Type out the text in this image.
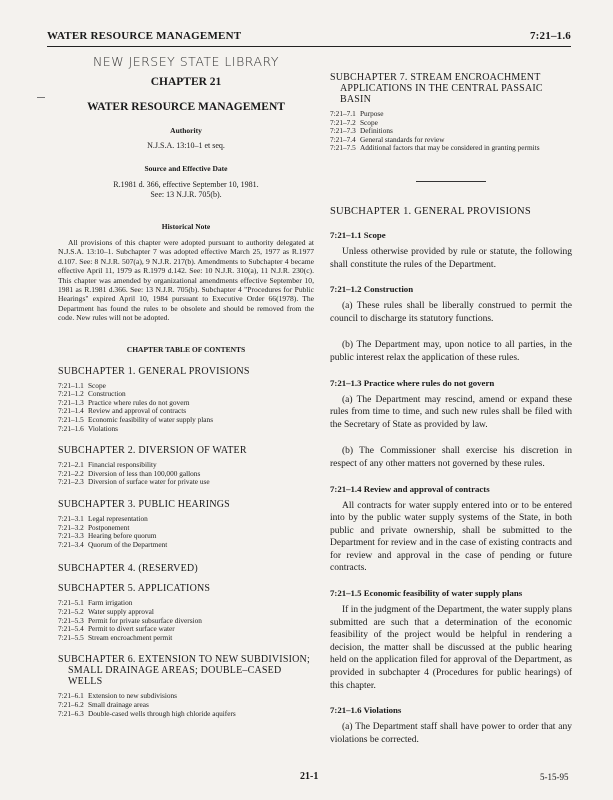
WATER RESOURCE MANAGEMENT	7:21–1.6
NEW JERSEY STATE LIBRARY
CHAPTER 21
WATER RESOURCE MANAGEMENT
Authority
N.J.S.A. 13:10–1 et seq.
Source and Effective Date
R.1981 d. 366, effective September 10, 1981.
See: 13 N.J.R. 705(b).
Historical Note
All provisions of this chapter were adopted pursuant to authority delegated at N.J.S.A. 13:10–1. Subchapter 7 was adopted effective March 25, 1977 as R.1977 d.107. See: 8 N.J.R. 507(a), 9 N.J.R. 217(b). Amendments to Subchapter 4 became effective April 11, 1979 as R.1979 d.142. See: 10 N.J.R. 310(a), 11 N.J.R. 230(c). This chapter was amended by organizational amendments effective September 10, 1981 as R.1981 d.366. See: 13 N.J.R. 705(b). Subchapter 4 "Procedures for Public Hearings" expired April 10, 1984 pursuant to Executive Order 66(1978). The Department has found the rules to be obsolete and should be removed from the code. New rules will not be adopted.
CHAPTER TABLE OF CONTENTS
SUBCHAPTER 1. GENERAL PROVISIONS
7:21–1.1 Scope
7:21–1.2 Construction
7:21–1.3 Practice where rules do not govern
7:21–1.4 Review and approval of contracts
7:21–1.5 Economic feasibility of water supply plans
7:21–1.6 Violations
SUBCHAPTER 2. DIVERSION OF WATER
7:21–2.1 Financial responsibility
7:21–2.2 Diversion of less than 100,000 gallons
7:21–2.3 Diversion of surface water for private use
SUBCHAPTER 3. PUBLIC HEARINGS
7:21–3.1 Legal representation
7:21–3.2 Postponement
7:21–3.3 Hearing before quorum
7:21–3.4 Quorum of the Department
SUBCHAPTER 4. (RESERVED)
SUBCHAPTER 5. APPLICATIONS
7:21–5.1 Farm irrigation
7:21–5.2 Water supply approval
7:21–5.3 Permit for private subsurface diversion
7:21–5.4 Permit to divert surface water
7:21–5.5 Stream encroachment permit
SUBCHAPTER 6. EXTENSION TO NEW SUBDIVISION; SMALL DRAINAGE AREAS; DOUBLE–CASED WELLS
7:21–6.1 Extension to new subdivisions
7:21–6.2 Small drainage areas
7:21–6.3 Double-cased wells through high chloride aquifers
SUBCHAPTER 7. STREAM ENCROACHMENT APPLICATIONS IN THE CENTRAL PASSAIC BASIN
7:21–7.1 Purpose
7:21–7.2 Scope
7:21–7.3 Definitions
7:21–7.4 General standards for review
7:21–7.5 Additional factors that may be considered in granting permits
SUBCHAPTER 1. GENERAL PROVISIONS
7:21–1.1 Scope
Unless otherwise provided by rule or statute, the following shall constitute the rules of the Department.
7:21–1.2 Construction
(a) These rules shall be liberally construed to permit the council to discharge its statutory functions.
(b) The Department may, upon notice to all parties, in the public interest relax the application of these rules.
7:21–1.3 Practice where rules do not govern
(a) The Department may rescind, amend or expand these rules from time to time, and such new rules shall be filed with the Secretary of State as provided by law.
(b) The Commissioner shall exercise his discretion in respect of any other matters not governed by these rules.
7:21–1.4 Review and approval of contracts
All contracts for water supply entered into or to be entered into by the public water supply systems of the State, in both public and private ownership, shall be submitted to the Department for review and in the case of existing contracts and for review and approval in the case of pending or future contracts.
7:21–1.5 Economic feasibility of water supply plans
If in the judgment of the Department, the water supply plans submitted are such that a determination of the economic feasibility of the project would be helpful in rendering a decision, the matter shall be discussed at the public hearing held on the application filed for approval of the Department, as provided in subchapter 4 (Procedures for public hearings) of this chapter.
7:21–1.6 Violations
(a) The Department staff shall have power to order that any violations be corrected.
21-1	5-15-95
